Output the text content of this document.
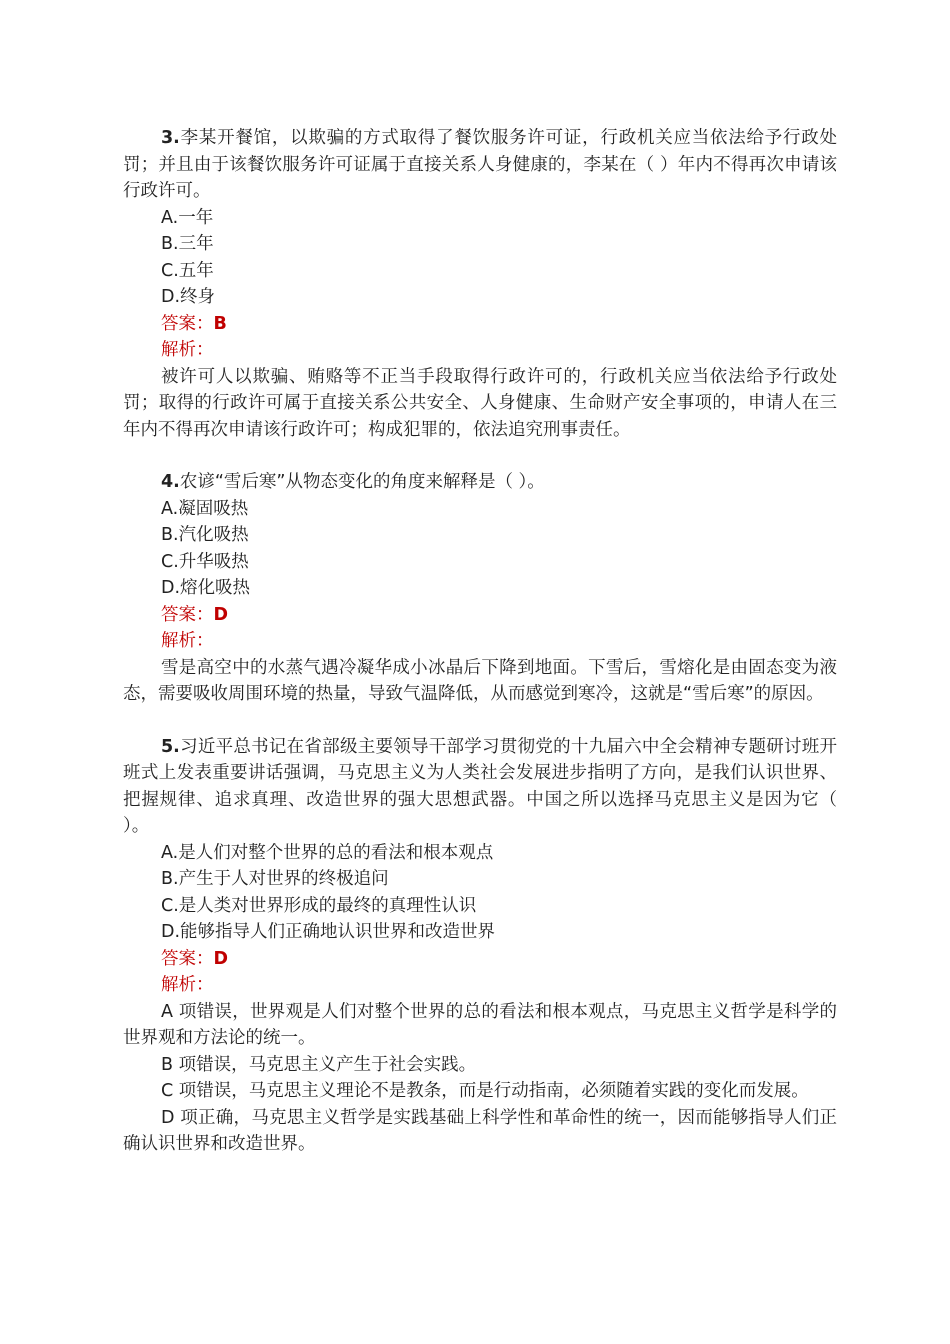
3.李某开餐馆，以欺骗的方式取得了餐饮服务许可证，行政机关应当依法给予行政处罚；并且由于该餐饮服务许可证属于直接关系人身健康的，李某在（ ）年内不得再次申请该行政许可。

A.一年
B.三年
C.五年
D.终身
答案：B
解析：

被许可人以欺骗、贿赂等不正当手段取得行政许可的，行政机关应当依法给予行政处罚；取得的行政许可属于直接关系公共安全、人身健康、生命财产安全事项的，申请人在三年内不得再次申请该行政许可；构成犯罪的，依法追究刑事责任。

4.农谚“雪后寒”从物态变化的角度来解释是（ ）。

A.凝固吸热
B.汽化吸热
C.升华吸热
D.熔化吸热
答案：D
解析：

雪是高空中的水蒸气遇冷凝华成小冰晶后下降到地面。下雪后，雪熔化是由固态变为液态，需要吸收周围环境的热量，导致气温降低，从而感觉到寒冷，这就是“雪后寒”的原因。

5.习近平总书记在省部级主要领导干部学习贯彻党的十九届六中全会精神专题研讨班开班式上发表重要讲话强调，马克思主义为人类社会发展进步指明了方向，是我们认识世界、把握规律、追求真理、改造世界的强大思想武器。中国之所以选择马克思主义是因为它（ ）。

A.是人们对整个世界的总的看法和根本观点
B.产生于人对世界的终极追问
C.是人类对世界形成的最终的真理性认识
D.能够指导人们正确地认识世界和改造世界
答案：D
解析：

A 项错误，世界观是人们对整个世界的总的看法和根本观点，马克思主义哲学是科学的世界观和方法论的统一。

B 项错误，马克思主义产生于社会实践。

C 项错误，马克思主义理论不是教条，而是行动指南，必须随着实践的变化而发展。

D 项正确，马克思主义哲学是实践基础上科学性和革命性的统一，因而能够指导人们正确认识世界和改造世界。
